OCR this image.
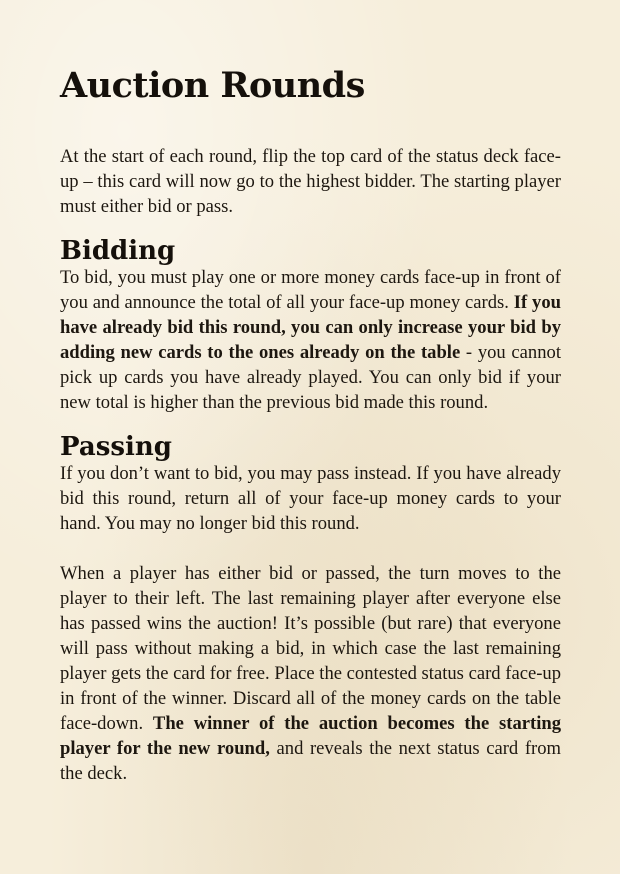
Auction Rounds

At the start of each round, flip the top card of the status deck face-up – this card will now go to the highest bidder. The starting player must either bid or pass.

Bidding

To bid, you must play one or more money cards face-up in front of you and announce the total of all your face-up money cards. If you have already bid this round, you can only increase your bid by adding new cards to the ones already on the table - you cannot pick up cards you have already played. You can only bid if your new total is higher than the previous bid made this round.

Passing

If you don’t want to bid, you may pass instead. If you have already bid this round, return all of your face-up money cards to your hand. You may no longer bid this round.

When a player has either bid or passed, the turn moves to the player to their left. The last remaining player after everyone else has passed wins the auction! It’s possible (but rare) that everyone will pass without making a bid, in which case the last remaining player gets the card for free. Place the contested status card face-up in front of the winner. Discard all of the money cards on the table face-down. The winner of the auction becomes the starting player for the new round, and reveals the next status card from the deck.
